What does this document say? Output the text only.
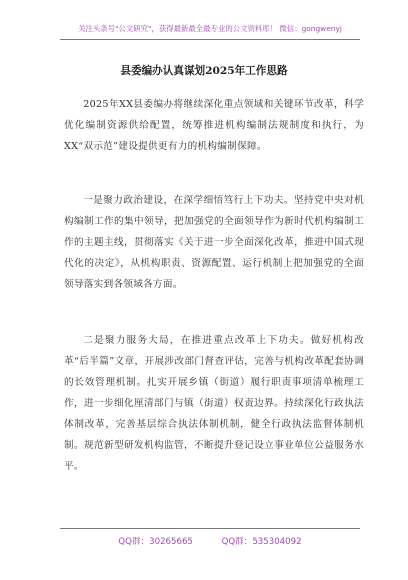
关注头条号"公文研究"，获得最新最全最专业的公文资料库！ 微信：gongwenyj
县委编办认真谋划2025年工作思路

2025年XX县委编办将继续深化重点领域和关键环节改革，科学优化编制资源供给配置，统筹推进机构编制法规制度和执行，为XX“双示范”建设提供更有力的机构编制保障。

一是聚力政治建设，在深学细悟笃行上下功夫。坚持党中央对机构编制工作的集中领导，把加强党的全面领导作为新时代机构编制工作的主题主线，贯彻落实《关于进一步全面深化改革，推进中国式现代化的决定》，从机构职责、资源配置、运行机制上把加强党的全面领导落实到各领域各方面。

二是聚力服务大局，在推进重点改革上下功夫。做好机构改革“后半篇”文章，开展涉改部门督查评估，完善与机构改革配套协调的长效管理机制。扎实开展乡镇（街道）履行职责事项清单梳理工作，进一步细化厘清部门与镇（街道）权责边界。持续深化行政执法体制改革，完善基层综合执法体制机制，健全行政执法监督体制机制。规范新型研发机构监管，不断提升登记设立事业单位公益服务水平。

QQ群：30265665	QQ群：535304092
